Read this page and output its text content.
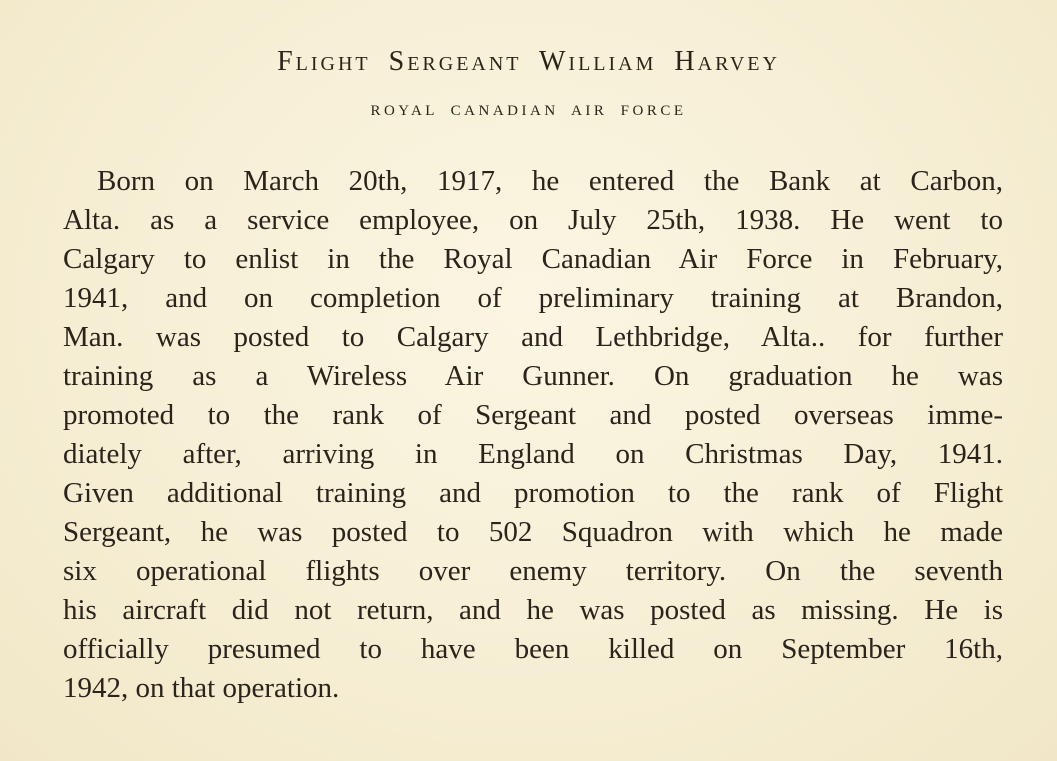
Flight Sergeant William Harvey
ROYAL CANADIAN AIR FORCE
Born on March 20th, 1917, he entered the Bank at Carbon,
Alta. as a service employee, on July 25th, 1938. He went to
Calgary to enlist in the Royal Canadian Air Force in February,
1941, and on completion of preliminary training at Brandon,
Man. was posted to Calgary and Lethbridge, Alta.. for further
training as a Wireless Air Gunner. On graduation he was
promoted to the rank of Sergeant and posted overseas imme-
diately after, arriving in England on Christmas Day, 1941.
Given additional training and promotion to the rank of Flight
Sergeant, he was posted to 502 Squadron with which he made
six operational flights over enemy territory. On the seventh
his aircraft did not return, and he was posted as missing. He is
officially presumed to have been killed on September 16th,
1942, on that operation.
